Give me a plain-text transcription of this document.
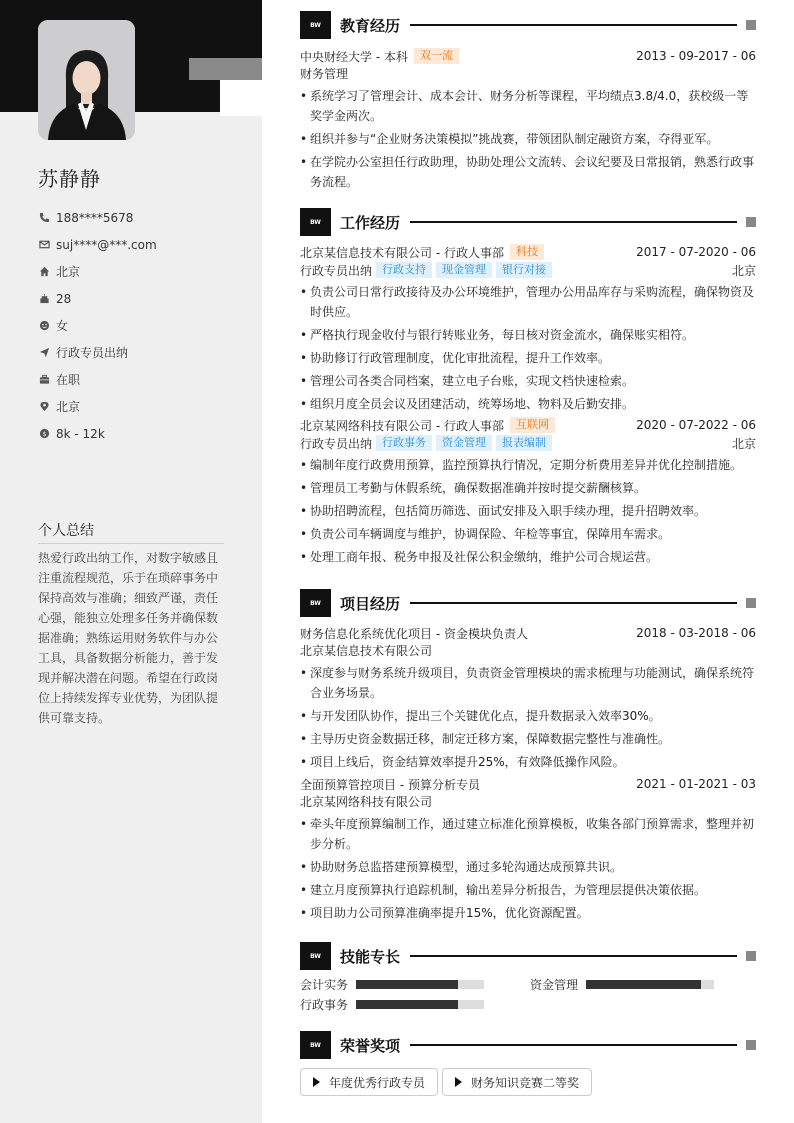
苏静静
188****5678
suj****@***.com
北京
28
女
行政专员出纳
在职
北京
$ 8k - 12k
个人总结
热爱行政出纳工作，对数字敏感且注重流程规范，乐于在琐碎事务中保持高效与准确；细致严谨，责任心强，能独立处理多任务并确保数据准确；熟练运用财务软件与办公工具，具备数据分析能力，善于发现并解决潜在问题。希望在行政岗位上持续发挥专业优势，为团队提供可靠支持。
BW	教育经历
中央财经大学 - 本科	双一流	2013 - 09-2017 - 06
财务管理
• 系统学习了管理会计、成本会计、财务分析等课程，平均绩点3.8/4.0，获校级一等奖学金两次。
• 组织并参与“企业财务决策模拟”挑战赛，带领团队制定融资方案，夺得亚军。
• 在学院办公室担任行政助理，协助处理公文流转、会议纪要及日常报销，熟悉行政事务流程。
BW	工作经历
北京某信息技术有限公司 - 行政人事部	科技	2017 - 07-2020 - 06
行政专员出纳 行政支持	现金管理	银行对接	北京
• 负责公司日常行政接待及办公环境维护，管理办公用品库存与采购流程，确保物资及时供应。
• 严格执行现金收付与银行转账业务，每日核对资金流水，确保账实相符。
• 协助修订行政管理制度，优化审批流程，提升工作效率。
• 管理公司各类合同档案，建立电子台账，实现文档快速检索。
• 组织月度全员会议及团建活动，统筹场地、物料及后勤安排。
北京某网络科技有限公司 - 行政人事部	互联网	2020 - 07-2022 - 06
行政专员出纳 行政事务	资金管理	报表编制	北京
• 编制年度行政费用预算，监控预算执行情况，定期分析费用差异并优化控制措施。
• 管理员工考勤与休假系统，确保数据准确并按时提交薪酬核算。
• 协助招聘流程，包括简历筛选、面试安排及入职手续办理，提升招聘效率。
• 负责公司车辆调度与维护，协调保险、年检等事宜，保障用车需求。
• 处理工商年报、税务申报及社保公积金缴纳，维护公司合规运营。
BW	项目经历
财务信息化系统优化项目 - 资金模块负责人	2018 - 03-2018 - 06
北京某信息技术有限公司
• 深度参与财务系统升级项目，负责资金管理模块的需求梳理与功能测试，确保系统符合业务场景。
• 与开发团队协作，提出三个关键优化点，提升数据录入效率30%。
• 主导历史资金数据迁移，制定迁移方案，保障数据完整性与准确性。
• 项目上线后，资金结算效率提升25%，有效降低操作风险。
全面预算管控项目 - 预算分析专员	2021 - 01-2021 - 03
北京某网络科技有限公司
• 牵头年度预算编制工作，通过建立标准化预算模板，收集各部门预算需求，整理并初步分析。
• 协助财务总监搭建预算模型，通过多轮沟通达成预算共识。
• 建立月度预算执行追踪机制，输出差异分析报告，为管理层提供决策依据。
• 项目助力公司预算准确率提升15%，优化资源配置。
BW	技能专长
会计实务	资金管理
行政事务
BW	荣誉奖项
年度优秀行政专员	财务知识竞赛二等奖
